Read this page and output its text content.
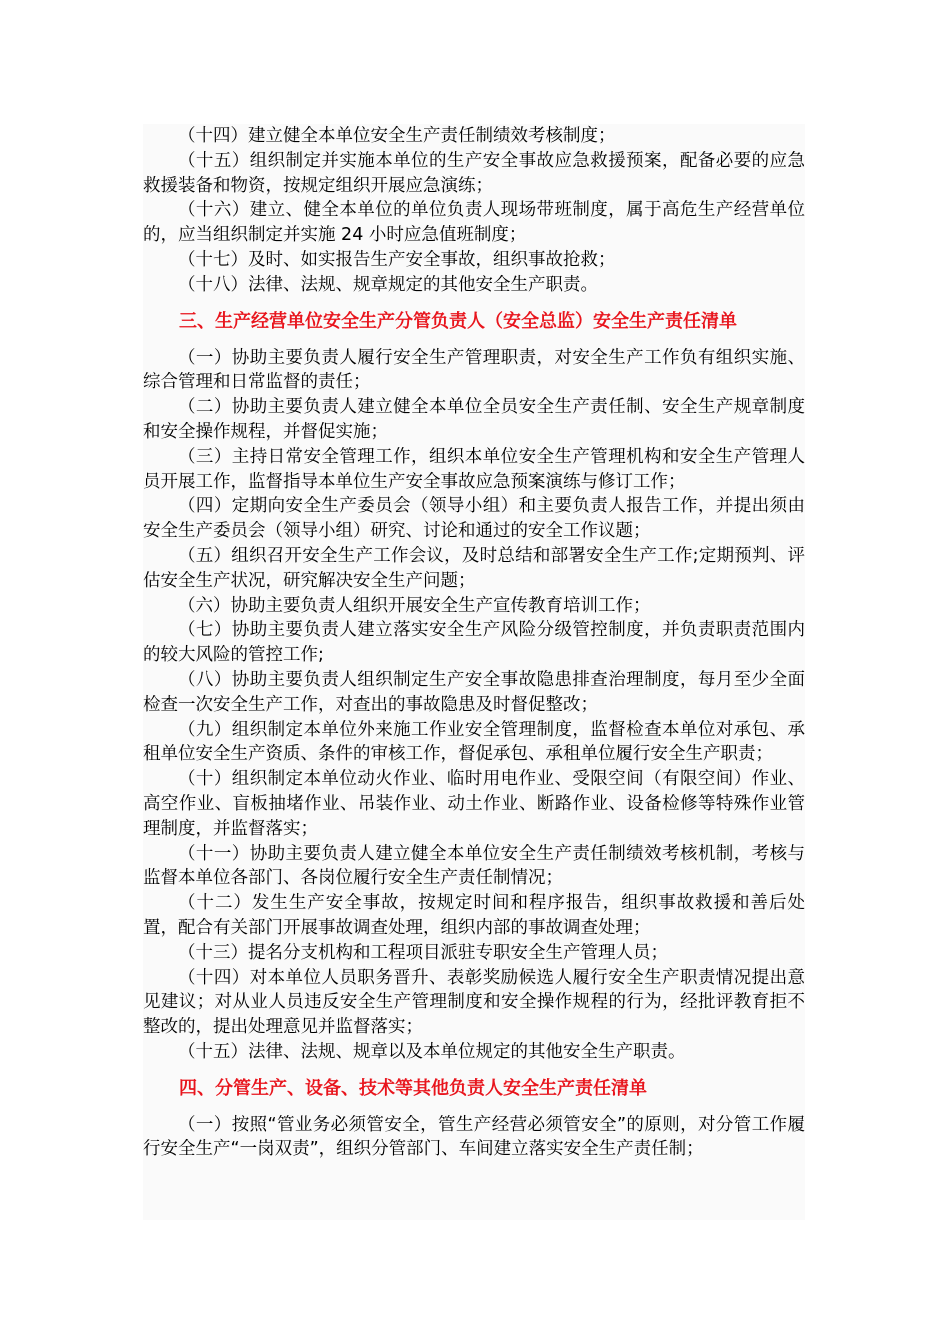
（十四）建立健全本单位安全生产责任制绩效考核制度；

（十五）组织制定并实施本单位的生产安全事故应急救援预案，配备必要的应急救援装备和物资，按规定组织开展应急演练；

（十六）建立、健全本单位的单位负责人现场带班制度，属于高危生产经营单位的，应当组织制定并实施 24 小时应急值班制度；

（十七）及时、如实报告生产安全事故，组织事故抢救；

（十八）法律、法规、规章规定的其他安全生产职责。

三、生产经营单位安全生产分管负责人（安全总监）安全生产责任清单

（一）协助主要负责人履行安全生产管理职责，对安全生产工作负有组织实施、综合管理和日常监督的责任；

（二）协助主要负责人建立健全本单位全员安全生产责任制、安全生产规章制度和安全操作规程，并督促实施；

（三）主持日常安全管理工作，组织本单位安全生产管理机构和安全生产管理人员开展工作，监督指导本单位生产安全事故应急预案演练与修订工作；

（四）定期向安全生产委员会（领导小组）和主要负责人报告工作，并提出须由安全生产委员会（领导小组）研究、讨论和通过的安全工作议题；

（五）组织召开安全生产工作会议，及时总结和部署安全生产工作;定期预判、评估安全生产状况，研究解决安全生产问题；

（六）协助主要负责人组织开展安全生产宣传教育培训工作；

（七）协助主要负责人建立落实安全生产风险分级管控制度，并负责职责范围内的较大风险的管控工作;

（八）协助主要负责人组织制定生产安全事故隐患排查治理制度，每月至少全面检查一次安全生产工作，对查出的事故隐患及时督促整改；

（九）组织制定本单位外来施工作业安全管理制度，监督检查本单位对承包、承租单位安全生产资质、条件的审核工作，督促承包、承租单位履行安全生产职责；

（十）组织制定本单位动火作业、临时用电作业、受限空间（有限空间）作业、高空作业、盲板抽堵作业、吊装作业、动土作业、断路作业、设备检修等特殊作业管理制度，并监督落实；

（十一）协助主要负责人建立健全本单位安全生产责任制绩效考核机制，考核与监督本单位各部门、各岗位履行安全生产责任制情况；

（十二）发生生产安全事故，按规定时间和程序报告，组织事故救援和善后处置，配合有关部门开展事故调查处理，组织内部的事故调查处理；

（十三）提名分支机构和工程项目派驻专职安全生产管理人员；

（十四）对本单位人员职务晋升、表彰奖励候选人履行安全生产职责情况提出意见建议；对从业人员违反安全生产管理制度和安全操作规程的行为，经批评教育拒不整改的，提出处理意见并监督落实；

（十五）法律、法规、规章以及本单位规定的其他安全生产职责。

四、分管生产、设备、技术等其他负责人安全生产责任清单

（一）按照“管业务必须管安全，管生产经营必须管安全”的原则，对分管工作履行安全生产“一岗双责”，组织分管部门、车间建立落实安全生产责任制；
